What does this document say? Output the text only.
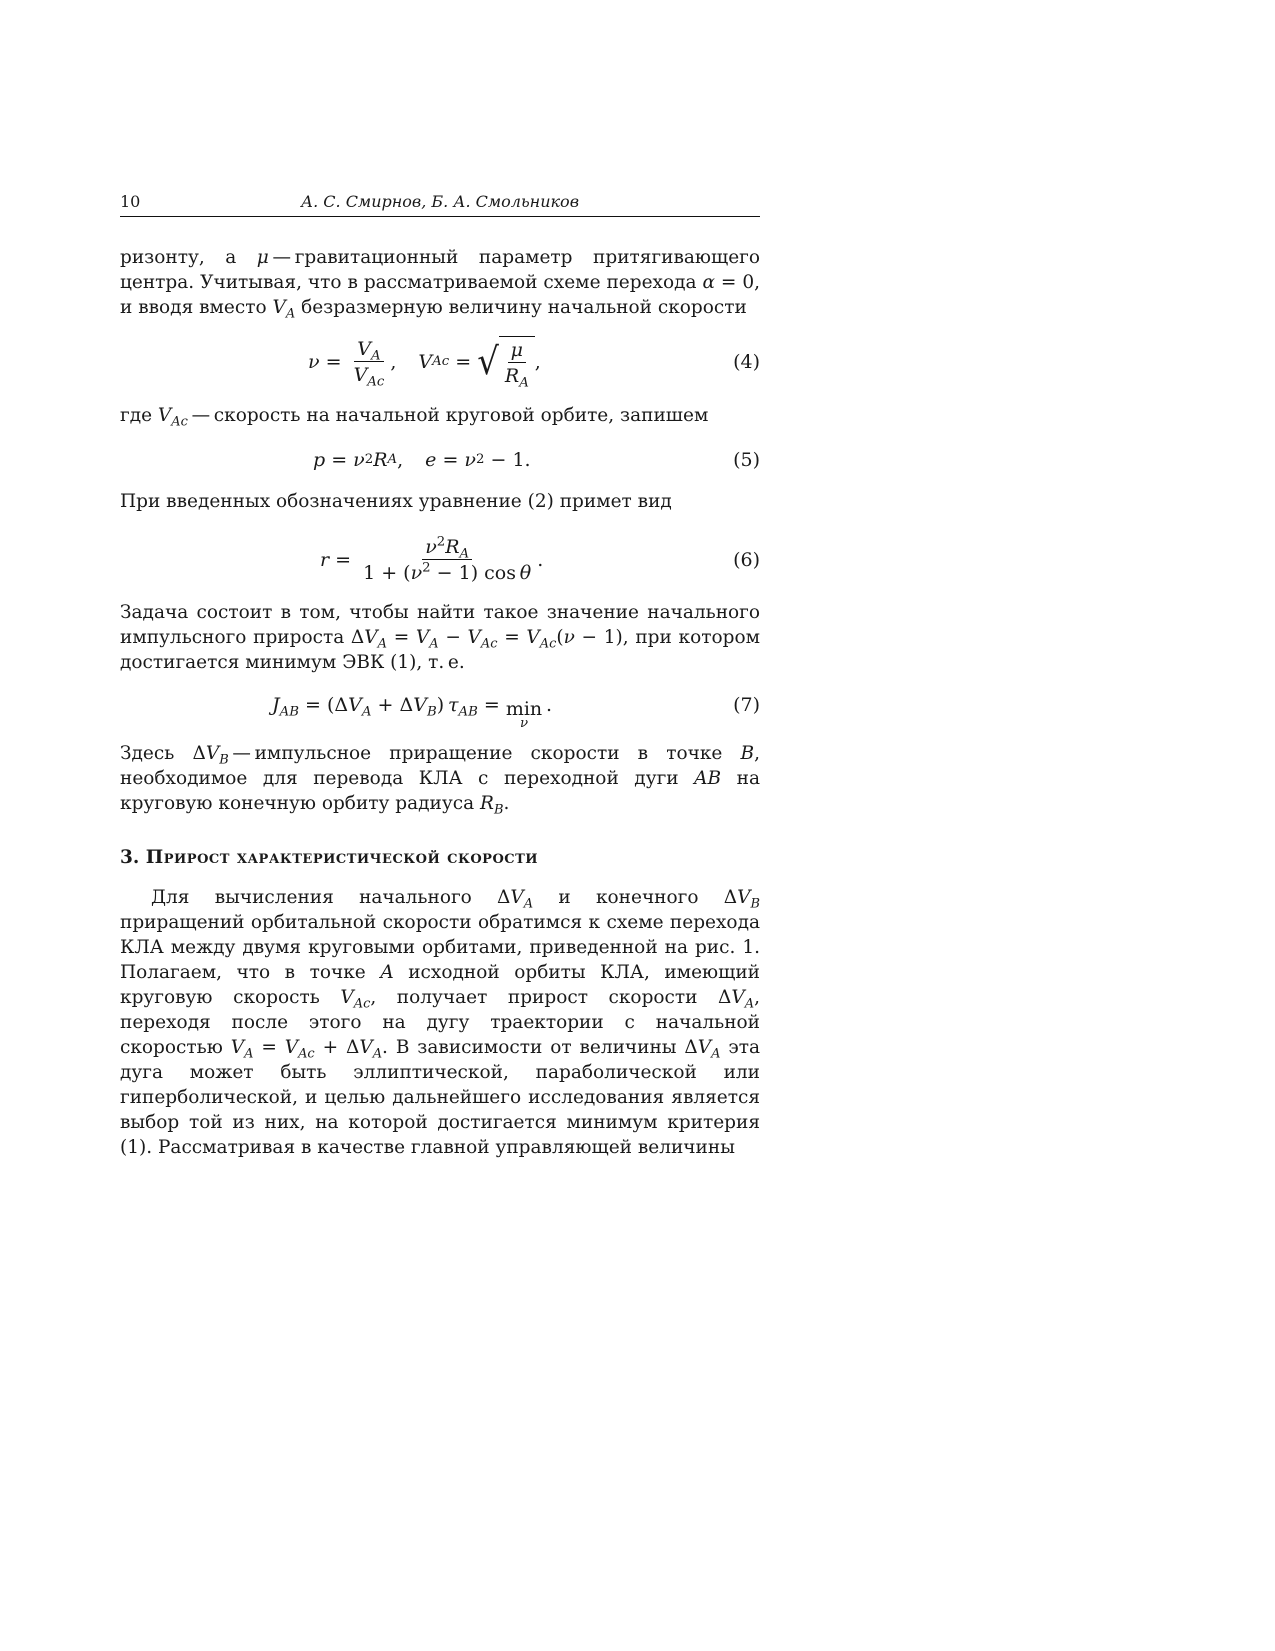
10	А. С. Смирнов, Б. А. Смольников
ризонту, а μ — гравитационный параметр притягивающего центра. Учитывая, что в рассматриваемой схеме перехода α = 0, и вводя вместо $V_A$ безразмерную величину начальной скорости
$\nu = \frac{V_A}{V_{Ac}}$ , V Ac = √ $\frac{\mu}{R_A}$ ,	(4)
где $V_{Ac}$ — скорость на начальной круговой орбите, запишем
p = ν 2 R A , e = ν 2 − 1.	(5)
При введенных обозначениях уравнение (2) примет вид
$r = \frac{\nu^2R_A}{1 + (\nu^2 - 1) \cos \theta}$ .	(6)
Задача состоит в том, чтобы найти такое значение начального импульсного прироста $\Delta V_A = V_A - V_{Ac} = V_{Ac}(\nu - 1)$, при котором достигается минимум ЭВК (1), т. е.
$J_{AB} = (\Delta V_A + \Delta V_B) \tau_{AB} = \min$
ν
 .	(7)
Здесь $\Delta V_B$ — импульсное приращение скорости в точке B, необходимое для перевода КЛА с переходной дуги AB на круговую конечную орбиту радиуса $R_B$.
3. Прирост характеристической скорости
Для вычисления начального $\Delta V_A$ и конечного $\Delta V_B$ приращений орбитальной скорости обратимся к схеме перехода КЛА между двумя круговыми орбитами, приведенной на рис. 1. Полагаем, что в точке A исходной орбиты КЛА, имеющий круговую скорость $V_{Ac}$, получает прирост скорости $\Delta V_A$, переходя после этого на дугу траектории с начальной скоростью $V_A = V_{Ac} + \Delta V_A$. В зависимости от величины $\Delta V_A$ эта дуга может быть эллиптической, параболической или гиперболической, и целью дальнейшего исследования является выбор той из них, на которой достигается минимум критерия (1). Рассматривая в качестве главной управляющей величины
